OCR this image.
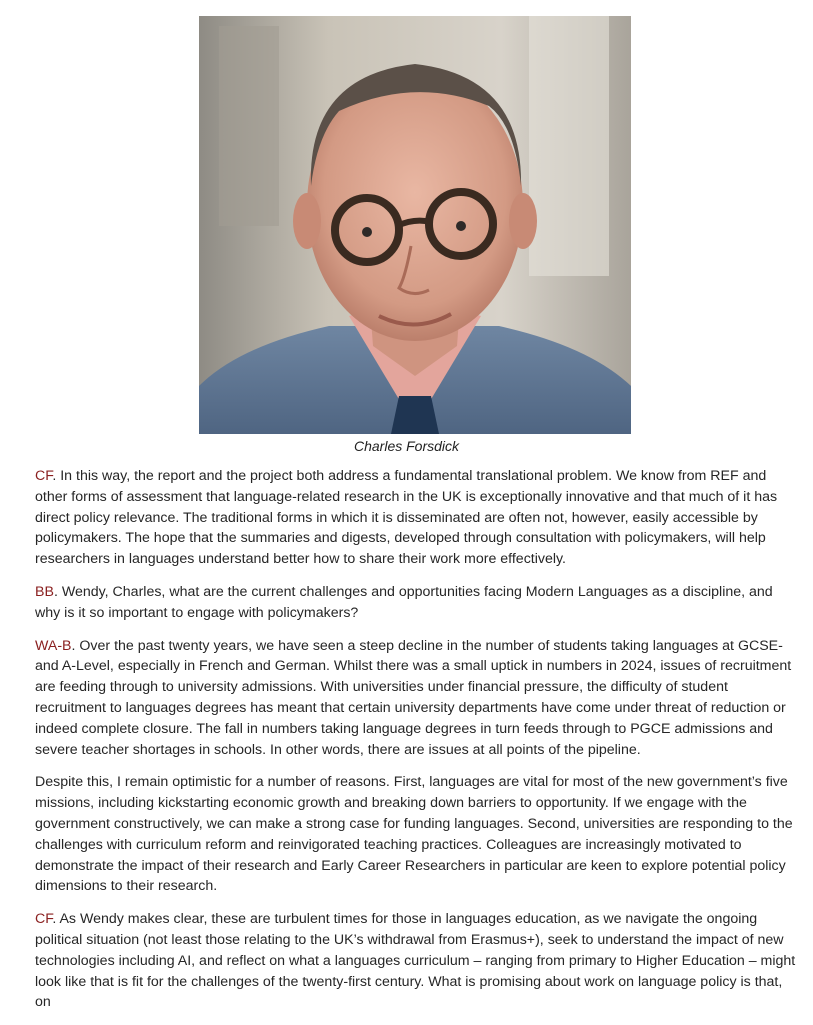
Charles Forsdick

CF. In this way, the report and the project both address a fundamental translational problem. We know from REF and other forms of assessment that language-related research in the UK is exceptionally innovative and that much of it has direct policy relevance. The traditional forms in which it is disseminated are often not, however, easily accessible by policymakers. The hope that the summaries and digests, developed through consultation with policymakers, will help researchers in languages understand better how to share their work more effectively.

BB. Wendy, Charles, what are the current challenges and opportunities facing Modern Languages as a discipline, and why is it so important to engage with policymakers?

WA-B. Over the past twenty years, we have seen a steep decline in the number of students taking languages at GCSE- and A-Level, especially in French and German. Whilst there was a small uptick in numbers in 2024, issues of recruitment are feeding through to university admissions. With universities under financial pressure, the difficulty of student recruitment to languages degrees has meant that certain university departments have come under threat of reduction or indeed complete closure. The fall in numbers taking language degrees in turn feeds through to PGCE admissions and severe teacher shortages in schools. In other words, there are issues at all points of the pipeline.

Despite this, I remain optimistic for a number of reasons. First, languages are vital for most of the new government’s five missions, including kickstarting economic growth and breaking down barriers to opportunity. If we engage with the government constructively, we can make a strong case for funding languages. Second, universities are responding to the challenges with curriculum reform and reinvigorated teaching practices. Colleagues are increasingly motivated to demonstrate the impact of their research and Early Career Researchers in particular are keen to explore potential policy dimensions to their research.

CF. As Wendy makes clear, these are turbulent times for those in languages education, as we navigate the ongoing political situation (not least those relating to the UK’s withdrawal from Erasmus+), seek to understand the impact of new technologies including AI, and reflect on what a languages curriculum – ranging from primary to Higher Education – might look like that is fit for the challenges of the twenty-first century. What is promising about work on language policy is that, on
